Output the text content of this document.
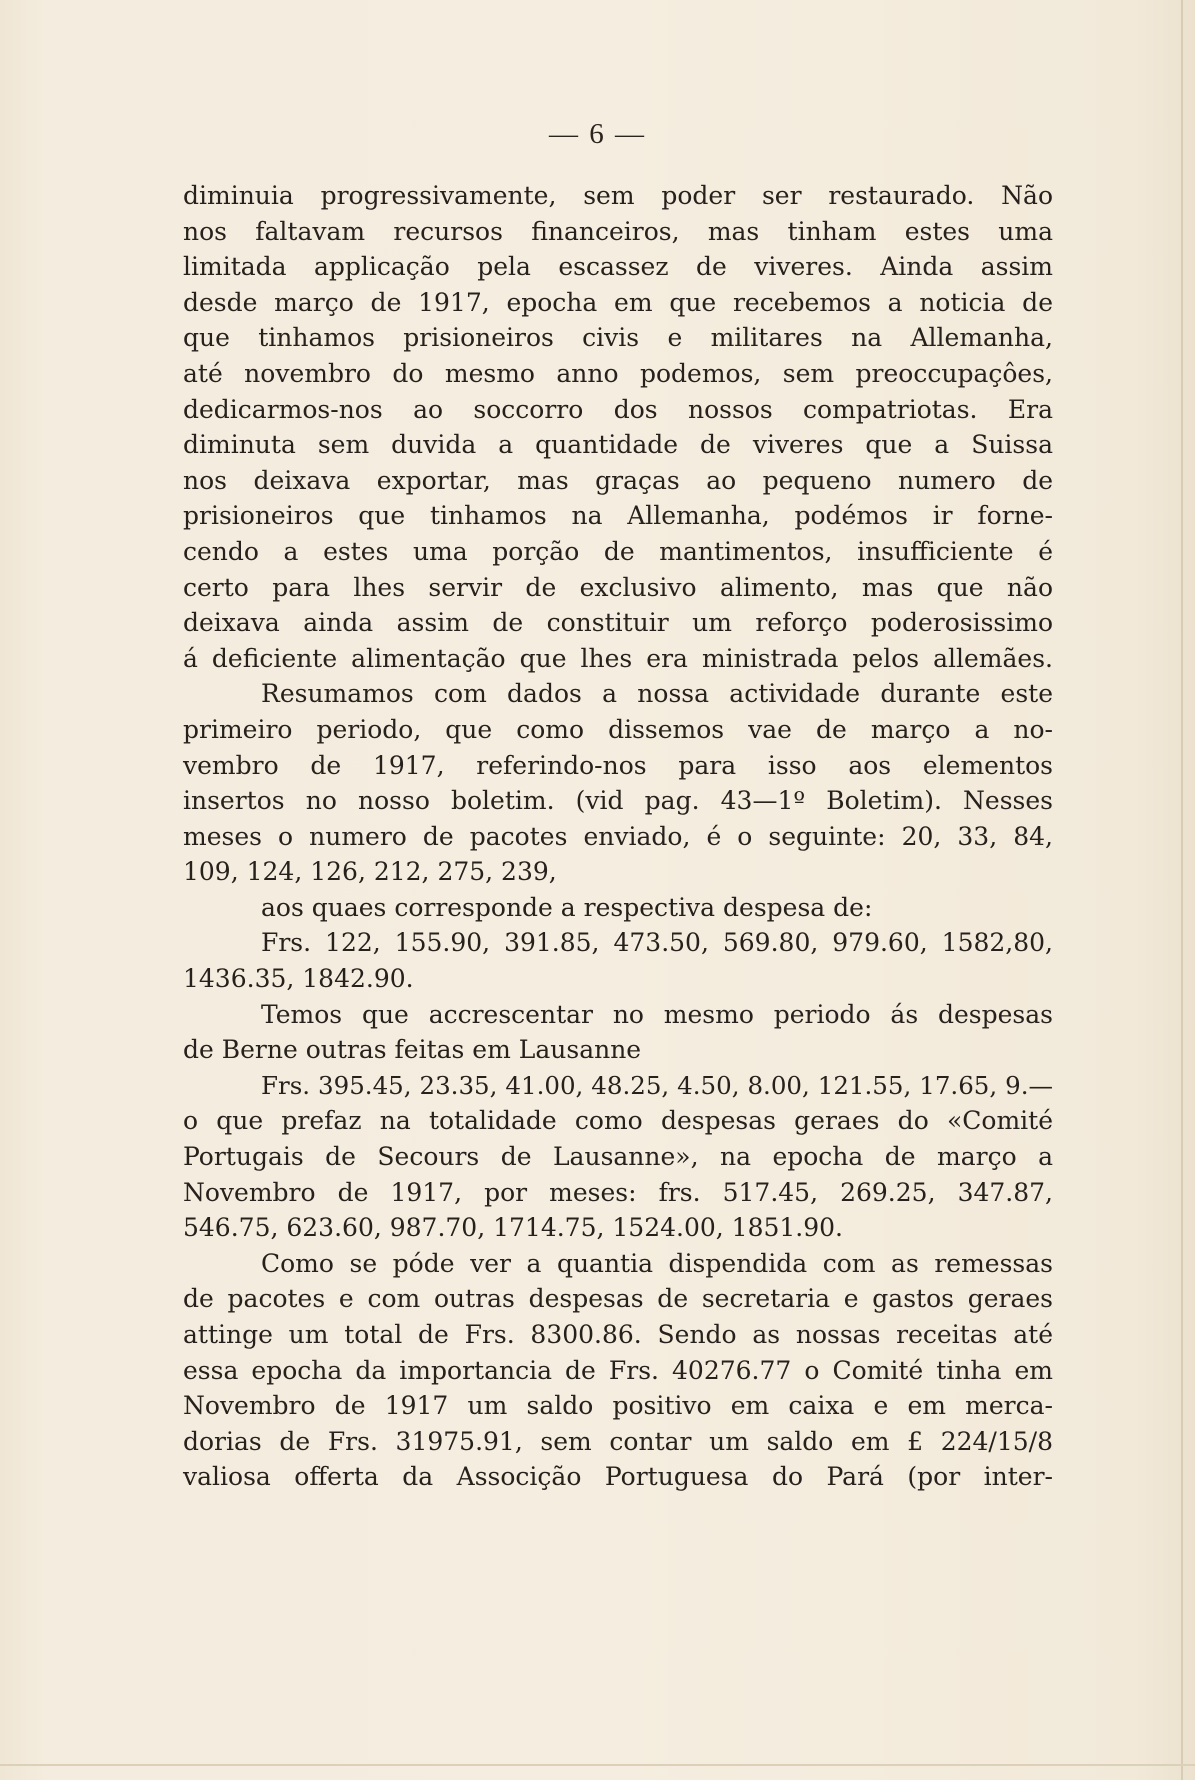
— 6 —
diminuia progressivamente, sem poder ser restaurado. Não
nos faltavam recursos financeiros, mas tinham estes uma
limitada applicação pela escassez de viveres. Ainda assim
desde março de 1917, epocha em que recebemos a noticia de
que tinhamos prisioneiros civis e militares na Allemanha,
até novembro do mesmo anno podemos, sem preoccupaçôes,
dedicarmos-nos ao soccorro dos nossos compatriotas. Era
diminuta sem duvida a quantidade de viveres que a Suissa
nos deixava exportar, mas graças ao pequeno numero de
prisioneiros que tinhamos na Allemanha, podémos ir forne-
cendo a estes uma porção de mantimentos, insufficiente é
certo para lhes servir de exclusivo alimento, mas que não
deixava ainda assim de constituir um reforço poderosissimo
á deficiente alimentação que lhes era ministrada pelos allemães.
Resumamos com dados a nossa actividade durante este
primeiro periodo, que como dissemos vae de março a no-
vembro de 1917, referindo-nos para isso aos elementos
insertos no nosso boletim. (vid pag. 43—1º Boletim). Nesses
meses o numero de pacotes enviado, é o seguinte: 20, 33, 84,
109, 124, 126, 212, 275, 239,
aos quaes corresponde a respectiva despesa de:
Frs. 122, 155.90, 391.85, 473.50, 569.80, 979.60, 1582,80,
1436.35, 1842.90.
Temos que accrescentar no mesmo periodo ás despesas
de Berne outras feitas em Lausanne
Frs. 395.45, 23.35, 41.00, 48.25, 4.50, 8.00, 121.55, 17.65, 9.—
o que prefaz na totalidade como despesas geraes do «Comité
Portugais de Secours de Lausanne», na epocha de março a
Novembro de 1917, por meses: frs. 517.45, 269.25, 347.87,
546.75, 623.60, 987.70, 1714.75, 1524.00, 1851.90.
Como se póde ver a quantia dispendida com as remessas
de pacotes e com outras despesas de secretaria e gastos geraes
attinge um total de Frs. 8300.86. Sendo as nossas receitas até
essa epocha da importancia de Frs. 40276.77 o Comité tinha em
Novembro de 1917 um saldo positivo em caixa e em merca-
dorias de Frs. 31975.91, sem contar um saldo em £ 224/15/8
valiosa offerta da Associção Portuguesa do Pará (por inter-
